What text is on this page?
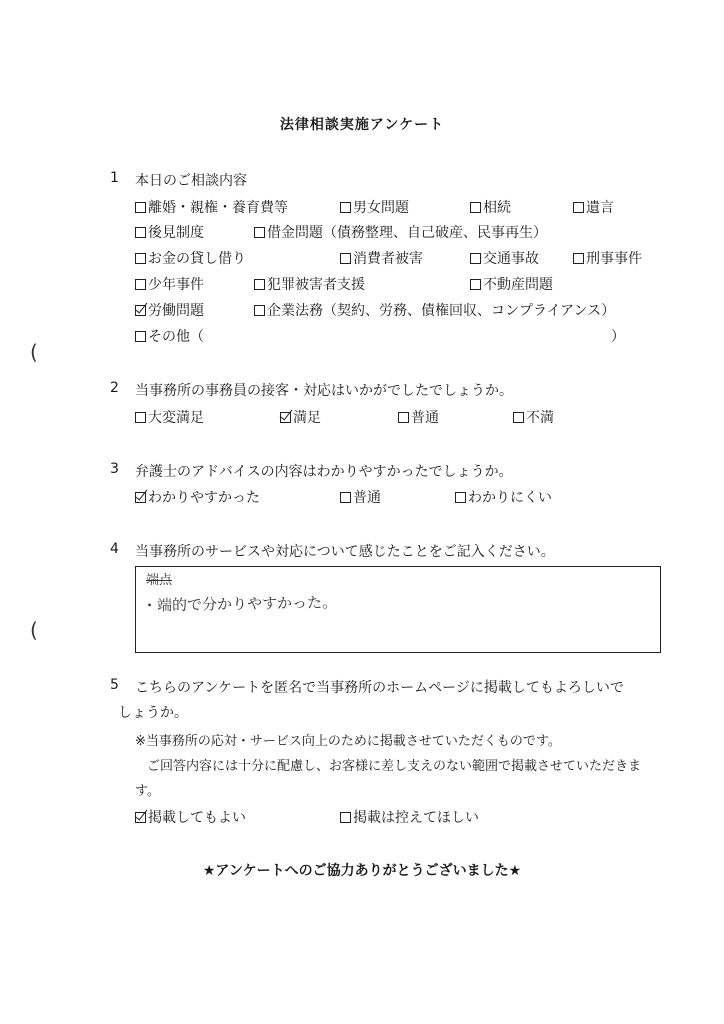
法律相談実施アンケート
1 本日のご相談内容
離婚・親権・養育費等	男女問題	相続	遺言
後見制度	借金問題（債務整理、自己破産、民事再生）
お金の貸し借り	消費者被害	交通事故	刑事事件
少年事件	犯罪被害者支援	不動産問題
労働問題	企業法務（契約、労務、債権回収、コンプライアンス）
その他（	）
(
2 当事務所の事務員の接客・対応はいかがでしたでしょうか。
大変満足	満足	普通	不満
3 弁護士のアドバイスの内容はわかりやすかったでしょうか。
わかりやすかった	普通	わかりにくい
4 当事務所のサービスや対応について感じたことをご記入ください。
端点
・端的で分かりやすかった。
(
5 こちらのアンケートを匿名で当事務所のホームページに掲載してもよろしいで
しょうか。
※当事務所の応対・サービス向上のために掲載させていただくものです。
ご回答内容には十分に配慮し、お客様に差し支えのない範囲で掲載させていただきま
す。
掲載してもよい	掲載は控えてほしい
★アンケートへのご協力ありがとうございました★
